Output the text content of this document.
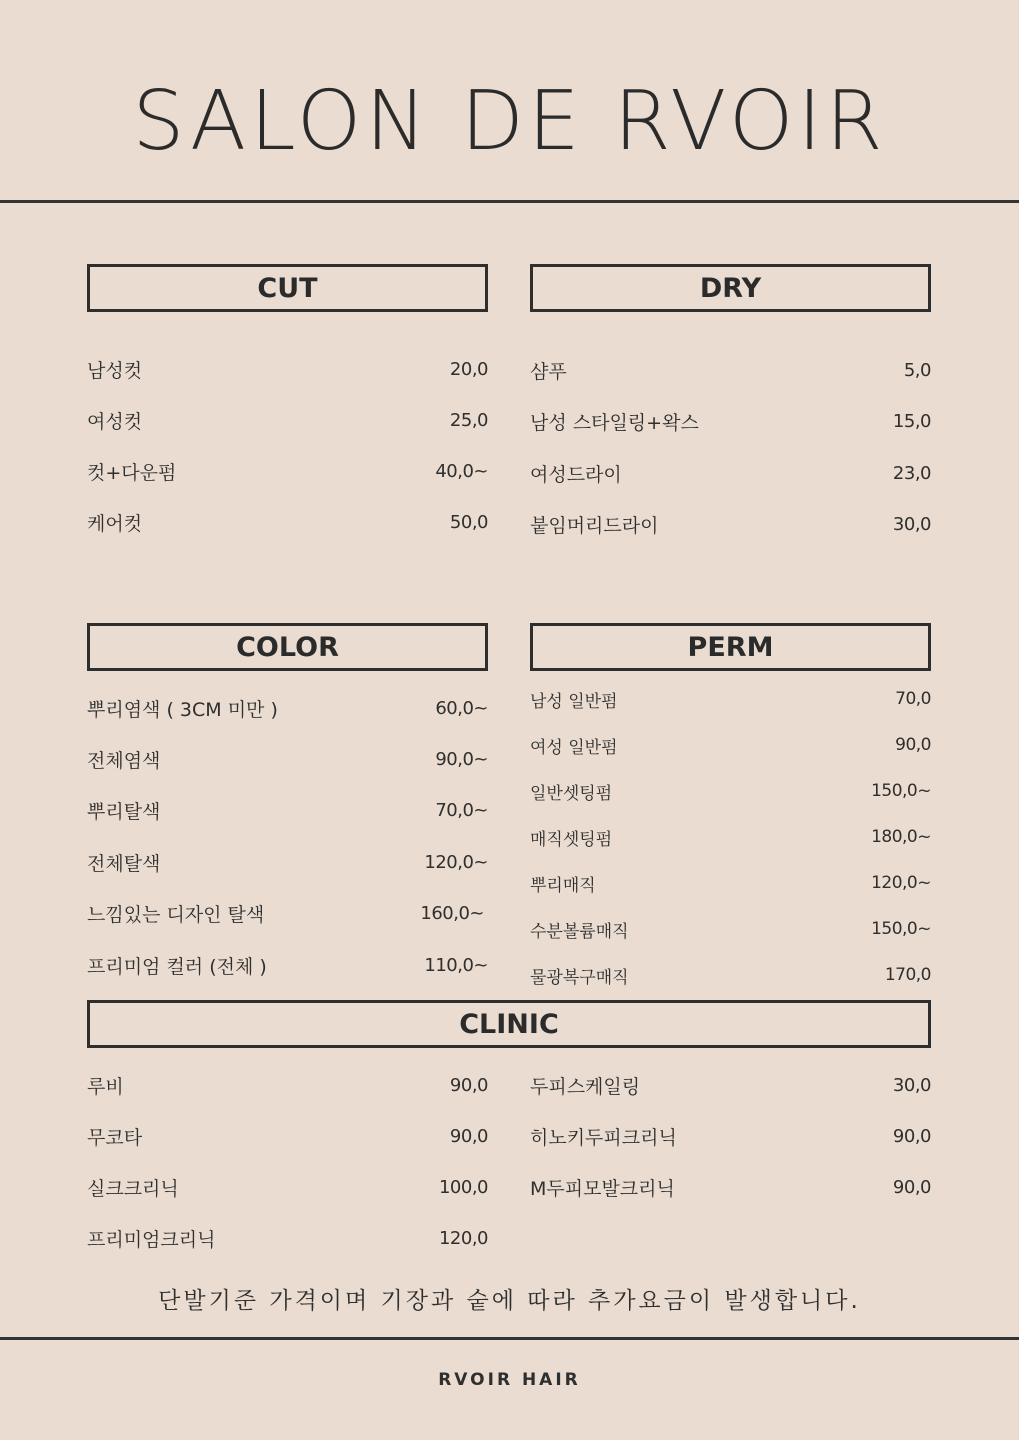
SALON DE RVOIR
CUT
남성컷	20,0
여성컷	25,0
컷+다운펌	40,0~
케어컷	50,0
DRY
샴푸	5,0
남성 스타일링+왁스	15,0
여성드라이	23,0
붙임머리드라이	30,0
COLOR
뿌리염색 ( 3CM 미만 )	60,0~
전체염색	90,0~
뿌리탈색	70,0~
전체탈색	120,0~
느낌있는 디자인 탈색	160,0~
프리미엄 컬러 (전체 )	110,0~
PERM
남성 일반펌	70,0
여성 일반펌	90,0
일반셋팅펌	150,0~
매직셋팅펌	180,0~
뿌리매직	120,0~
수분볼륨매직	150,0~
물광복구매직	170,0
CLINIC
루비	90,0
무코타	90,0
실크크리닉	100,0
프리미엄크리닉	120,0
두피스케일링	30,0
히노키두피크리닉	90,0
M두피모발크리닉	90,0
단발기준 가격이며 기장과 숱에 따라 추가요금이 발생합니다.
RVOIR HAIR
